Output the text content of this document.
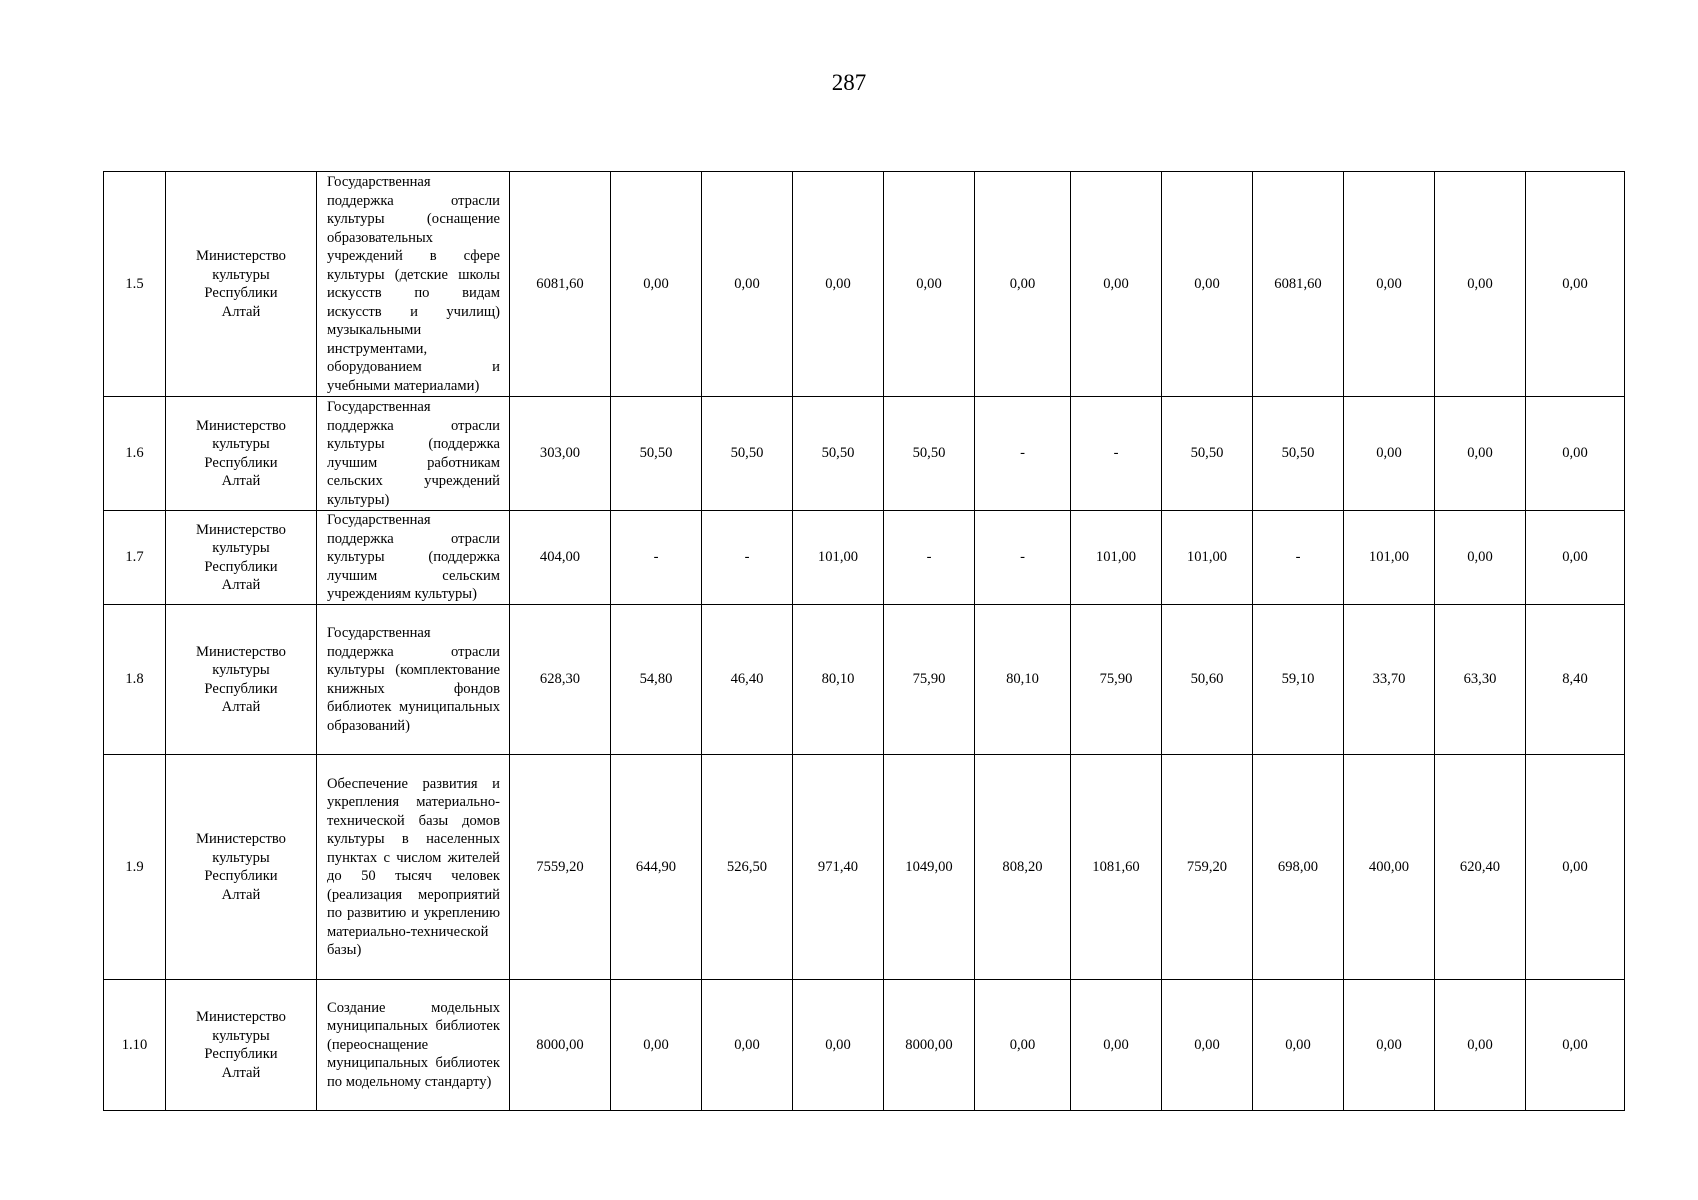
287
1.5	Министерство культуры Республики Алтай	Государственная поддержка отрасли культуры (оснащение образовательных учреждений в сфере культуры (детские школы искусств по видам искусств и училищ) музыкальными инструментами, оборудованием и учебными материалами)	6081,60	0,00	0,00	0,00	0,00	0,00	0,00	0,00	6081,60	0,00	0,00	0,00
1.6	Министерство культуры Республики Алтай	Государственная поддержка отрасли культуры (поддержка лучшим работникам сельских учреждений культуры)	303,00	50,50	50,50	50,50	50,50	-	-	50,50	50,50	0,00	0,00	0,00
1.7	Министерство культуры Республики Алтай	Государственная поддержка отрасли культуры (поддержка лучшим сельским учреждениям культуры)	404,00	-	-	101,00	-	-	101,00	101,00	-	101,00	0,00	0,00
1.8	Министерство культуры Республики Алтай	Государственная поддержка отрасли культуры (комплектование книжных фондов библиотек муниципальных образований)	628,30	54,80	46,40	80,10	75,90	80,10	75,90	50,60	59,10	33,70	63,30	8,40
1.9	Министерство культуры Республики Алтай	Обеспечение развития и укрепления материально-технической базы домов культуры в населенных пунктах с числом жителей до 50 тысяч человек (реализация мероприятий по развитию и укреплению материально-технической базы)	7559,20	644,90	526,50	971,40	1049,00	808,20	1081,60	759,20	698,00	400,00	620,40	0,00
1.10	Министерство культуры Республики Алтай	Создание модельных муниципальных библиотек (переоснащение муниципальных библиотек по модельному стандарту)	8000,00	0,00	0,00	0,00	8000,00	0,00	0,00	0,00	0,00	0,00	0,00	0,00
